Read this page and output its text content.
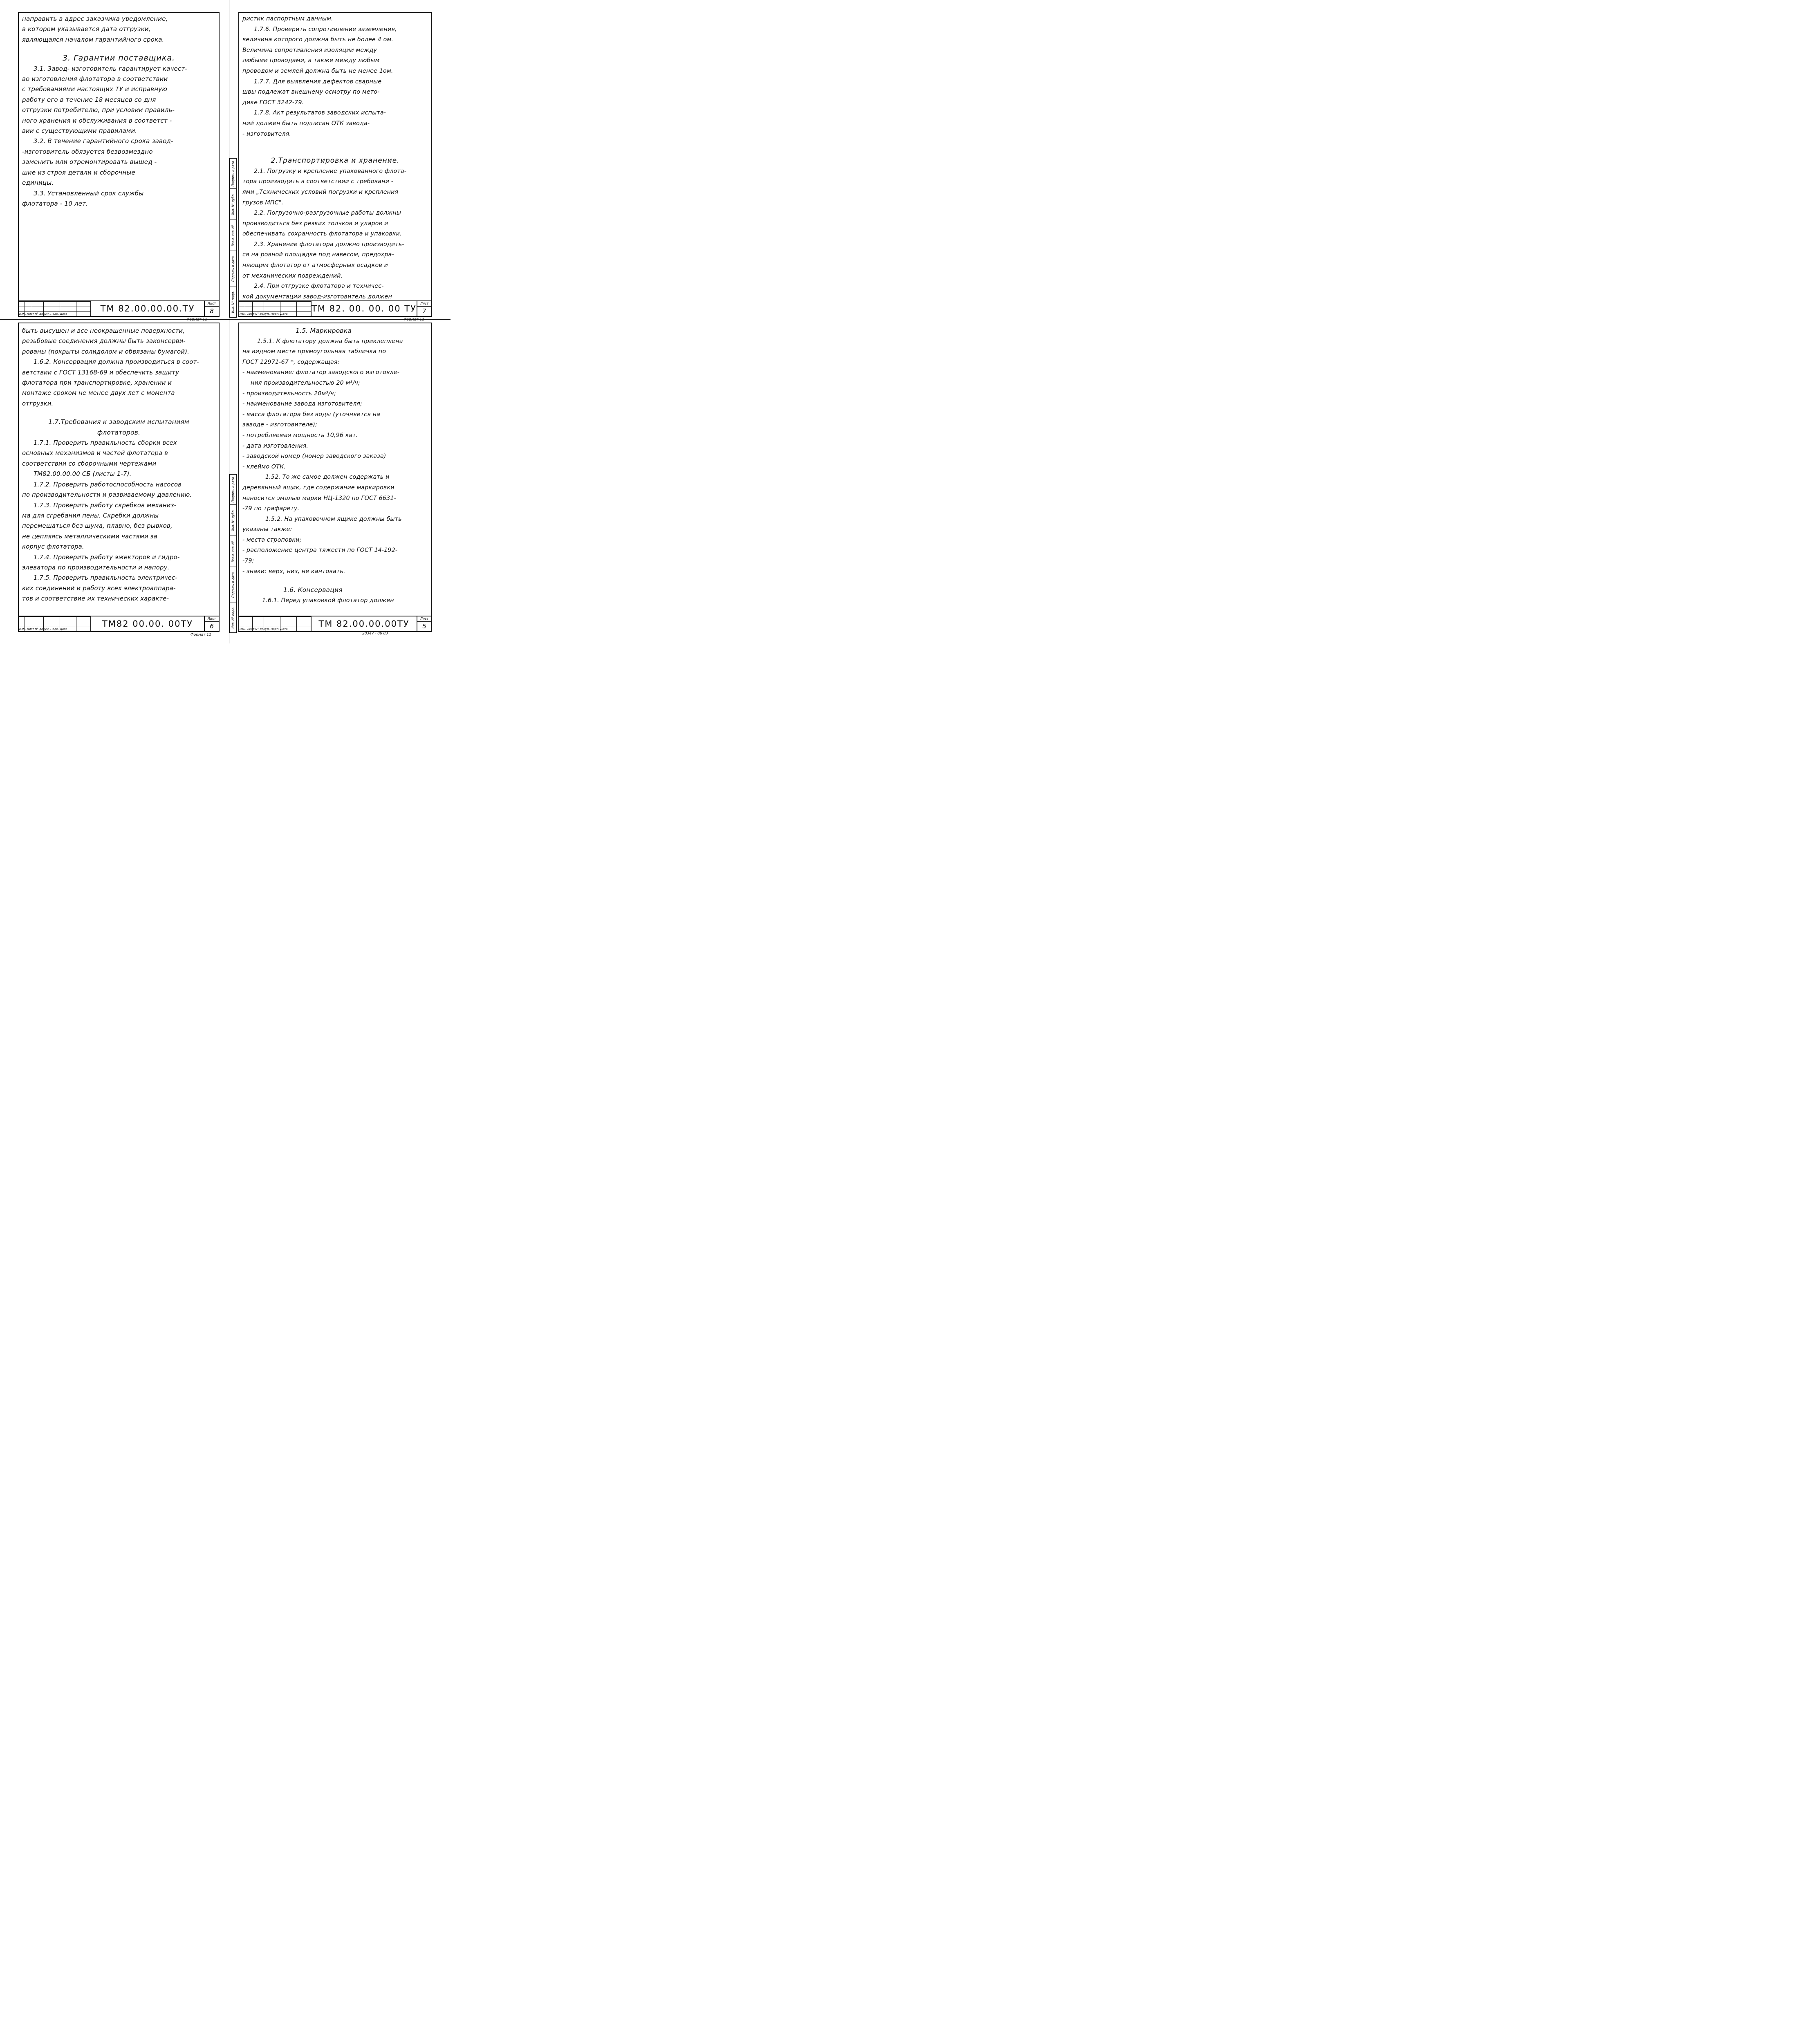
направить в адрес заказчика уведомление,
в котором указывается дата отгрузки,
являющаяся началом гарантийного срока.
3. Гарантии поставщика.
3.1. Завод- изготовитель гарантирует качест-
во изготовления флотатора в соответствии
с требованиями настоящих ТУ и исправную
работу его в течение 18 месяцев со дня
отгрузки потребителю, при условии правиль-
ного хранения и обслуживания в соответст -
вии с существующими правилами.
3.2. В течение гарантийного срока завод-
-изготовитель обязуется безвозмездно
заменить или отремонтировать вышед -
шие из строя детали и сборочные
единицы.
3.3. Установленный срок службы
флотатора - 10 лет.
Изм. Лист N° докум. Подп. Дата
ТМ 82.00.00.00.ТУ
Лист
8
Формат 11
ристик паспортным данным.
1.7.6. Проверить сопротивление заземления,
величина которого должна быть не более 4 ом.
Величина сопротивления изоляции между
любыми проводами, а также между любым
проводом и землей должна быть не менее 1ом.
1.7.7. Для выявления дефектов сварные
швы подлежат внешнему осмотру по мето-
дике ГОСТ 3242-79.
1.7.8. Акт результатов заводских испыта-
ний должен быть подписан ОТК завода-
- изготовителя.
2.Транспортировка и хранение.
2.1. Погрузку и крепление упакованного флота-
тора производить в соответствии с требовани -
ями „Технических условий погрузки и крепления
грузов МПС".
2.2. Погрузочно-разгрузочные работы должны
производиться без резких толчков и ударов и
обеспечивать сохранность флотатора и упаковки.
2.3. Хранение флотатора должно производить-
ся на ровной площадке под навесом, предохра-
няющим флотатор от атмосферных осадков и
от механических повреждений.
2.4. При отгрузке флотатора и техничес-
кой документации завод-изготовитель должен
Изм. Лист N° докум. Подп. Дата
ТМ 82. 00. 00. 00 ТУ
Лист
7
Формат 11
Подпись и дата
Инв. N° дубл.
Взам. инв. N°
Подпись и дата
Инв. N° подл.
быть высушен и все неокрашенные поверхности,
резьбовые соединения должны быть законсерви-
рованы (покрыты солидолом и обвязаны бумагой).
1.6.2. Консервация должна производиться в соот-
ветствии с ГОСТ 13168-69 и обеспечить защиту
флотатора при транспортировке, хранении и
монтаже сроком не менее двух лет с момента
отгрузки.
1.7.Требования к заводским испытаниям
флотаторов.
1.7.1. Проверить правильность сборки всех
основных механизмов и частей флотатора в
соответствии со сборочными чертежами
ТМ82.00.00.00 СБ (листы 1-7).
1.7.2. Проверить работоспособность насосов
по производительности и развиваемому давлению.
1.7.3. Проверить работу скребков механиз-
ма для сгребания пены. Скребки должны
перемещаться без шума, плавно, без рывков,
не цепляясь металлическими частями за
корпус флотатора.
1.7.4. Проверить работу эжекторов и гидро-
элеватора по производительности и напору.
1.7.5. Проверить правильность электричес-
ких соединений и работу всех электроаппара-
тов и соответствие их технических характе-
Изм. Лист N° докум. Подп. Дата
ТМ82 00.00. 00ТУ
Лист
6
Формат 11
1.5. Маркировка
1.5.1. К флотатору должна быть приклеплена
на видном месте прямоугольная табличка по
ГОСТ 12971-67 *, содержащая:
- наименование: флотатор заводского изготовле-
ния производительностью 20 м³/ч;
- производительность 20м³/ч;
- наименование завода изготовителя;
- масса флотатора без воды (уточняется на
заводе - изготовителе);
- потребляемая мощность 10,96 квт.
- дата изготовления.
- заводской номер (номер заводского заказа)
- клеймо ОТК.
1.52. То же самое должен содержать и
деревянный ящик, где содержание маркировки
наносится эмалью марки НЦ-1320 по ГОСТ 6631-
-79 по трафарету.
1.5.2. На упаковочном ящике должны быть
указаны также:
- места строповки;
- расположение центра тяжести по ГОСТ 14-192-
-79;
- знаки: верх, низ, не кантовать.
1.6. Консервация
1.6.1. Перед упаковкой флотатор должен
Изм. Лист N° докум. Подп. Дата
ТМ 82.00.00.00ТУ
Лист
5
20347 · 06 83
Подпись и дата
Инв. N° дубл.
Взам. инв. N°
Подпись и дата
Инв. N° подл.
